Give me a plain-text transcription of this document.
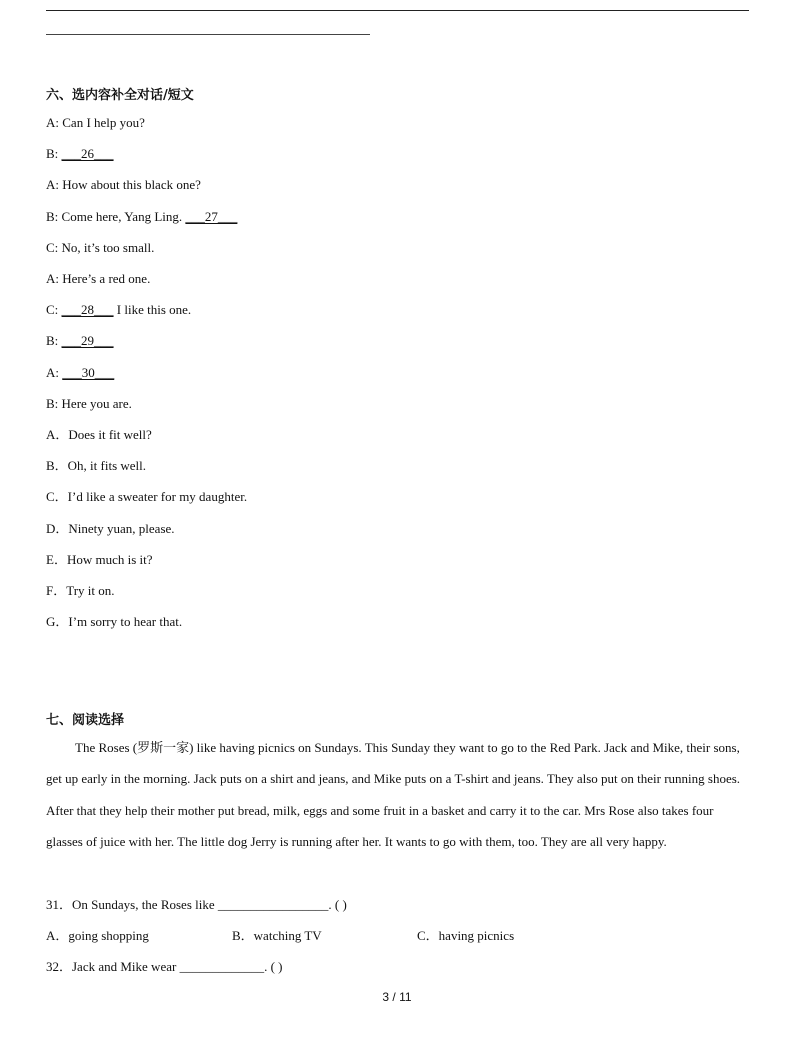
六、选内容补全对话/短文
A: Can I help you?
B: ___26___
A: How about this black one?
B: Come here, Yang Ling. ___27___
C: No, it’s too small.
A: Here’s a red one.
C: ___28___ I like this one.
B: ___29___
A: ___30___
B: Here you are.
A．Does it fit well?
B．Oh, it fits well.
C．I’d like a sweater for my daughter.
D．Ninety yuan, please.
E．How much is it?
F．Try it on.
G．I’m sorry to hear that.
七、阅读选择
The Roses (罗斯一家) like having picnics on Sundays. This Sunday they want to go to the Red Park. Jack and Mike, their sons, get up early in the morning. Jack puts on a shirt and jeans, and Mike puts on a T-shirt and jeans. They also put on their running shoes. After that they help their mother put bread, milk, eggs and some fruit in a basket and carry it to the car. Mrs Rose also takes four glasses of juice with her. The little dog Jerry is running after her. It wants to go with them, too. They are all very happy.
31．On Sundays, the Roses like _________________. ( )
A．going shopping	B．watching TV	C．having picnics
32．Jack and Mike wear _____________. ( )
3 / 11
